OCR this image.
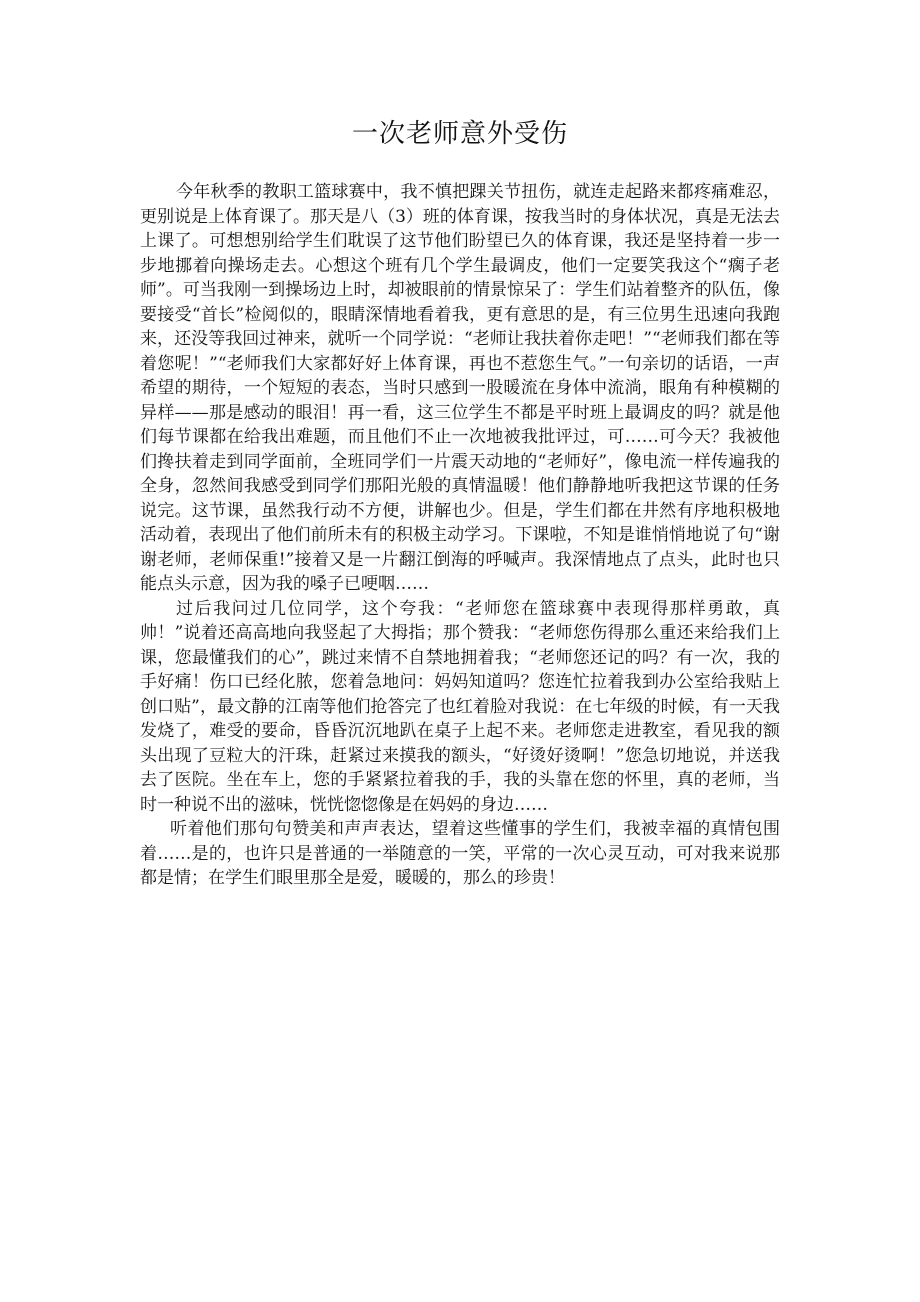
一次老师意外受伤

今年秋季的教职工篮球赛中，我不慎把踝关节扭伤，就连走起路来都疼痛难忍，更别说是上体育课了。那天是八（3）班的体育课，按我当时的身体状况，真是无法去上课了。可想想别给学生们耽误了这节他们盼望已久的体育课，我还是坚持着一步一步地挪着向操场走去。心想这个班有几个学生最调皮，他们一定要笑我这个“瘸子老师”。可当我刚一到操场边上时，却被眼前的情景惊呆了：学生们站着整齐的队伍，像要接受“首长”检阅似的，眼睛深情地看着我，更有意思的是，有三位男生迅速向我跑来，还没等我回过神来，就听一个同学说：“老师让我扶着你走吧！”“老师我们都在等着您呢！”“老师我们大家都好好上体育课，再也不惹您生气。”一句亲切的话语，一声希望的期待，一个短短的表态，当时只感到一股暖流在身体中流淌，眼角有种模糊的异样——那是感动的眼泪！再一看，这三位学生不都是平时班上最调皮的吗？就是他们每节课都在给我出难题，而且他们不止一次地被我批评过，可……可今天？我被他们搀扶着走到同学面前，全班同学们一片震天动地的“老师好”，像电流一样传遍我的全身，忽然间我感受到同学们那阳光般的真情温暖！他们静静地听我把这节课的任务说完。这节课，虽然我行动不方便，讲解也少。但是，学生们都在井然有序地积极地活动着，表现出了他们前所未有的积极主动学习。下课啦，不知是谁悄悄地说了句“谢谢老师，老师保重!”接着又是一片翻江倒海的呼喊声。我深情地点了点头，此时也只能点头示意，因为我的嗓子已哽咽……

过后我问过几位同学，这个夸我：“老师您在篮球赛中表现得那样勇敢，真帅！”说着还高高地向我竖起了大拇指；那个赞我：“老师您伤得那么重还来给我们上课，您最懂我们的心”，跳过来情不自禁地拥着我；“老师您还记的吗？有一次，我的手好痛！伤口已经化脓，您着急地问：妈妈知道吗？您连忙拉着我到办公室给我贴上创口贴”，最文静的江南等他们抢答完了也红着脸对我说：在七年级的时候，有一天我发烧了，难受的要命，昏昏沉沉地趴在桌子上起不来。老师您走进教室，看见我的额头出现了豆粒大的汗珠，赶紧过来摸我的额头，“好烫好烫啊！”您急切地说，并送我去了医院。坐在车上，您的手紧紧拉着我的手，我的头靠在您的怀里，真的老师，当时一种说不出的滋味，恍恍惚惚像是在妈妈的身边……

听着他们那句句赞美和声声表达，望着这些懂事的学生们，我被幸福的真情包围着……是的，也许只是普通的一举随意的一笑，平常的一次心灵互动，可对我来说那都是情；在学生们眼里那全是爱，暖暖的，那么的珍贵！
